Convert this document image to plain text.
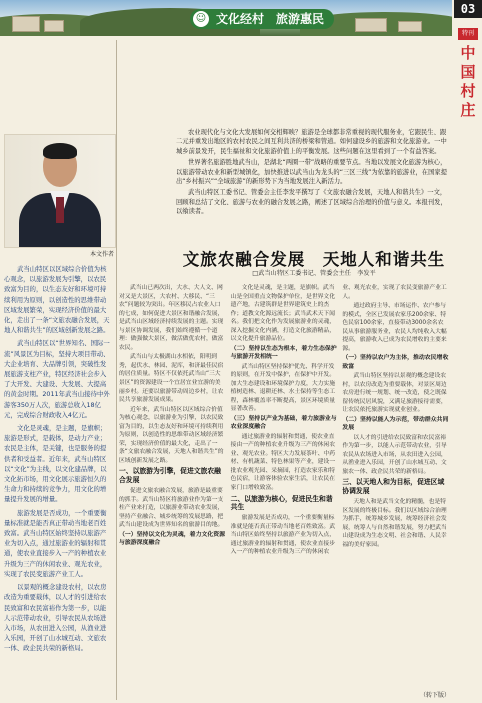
☺ 文化经村　旅游惠民
03
特刊
中国村庄
本文作者

武当山特区以区域综合价值为核心观念，以旅游发展为引擎，以农民致富为目的，以生态友好和环境可持续利用为原则，以创造性的思维带动区域发展繁荣，实现经济价值的最大化，走出了一条“文旅农融合发展，天地人和谐共生”的区域创新发展之路。

武当山特区以“世界知名、国际一流”风景区为目标，坚持大项目带动、大企业培育、大品牌引领，突破性发展旅游支柱产业，特区经济社会步入了大开发、大建设、大发展、大提高的黄金时期。2011年武当山接待中外游客350万人次，旅游总收入18亿元，完成综合财政收入4亿元。

文化是灵魂，是主题，是旗帜；旅游是形式，是载体，是动力产业；农民是主体，是关键，也是服务的提供者和受益者。近年来，武当山特区以“文化”为主线，以文化建品牌，以文化拓市场，用文化展示旅游恒久的生命力和持续的竞争力，用文化的增量提升发展的增量。

旅游发展是否成功，一个重要衡量标准就是能否真正带动当地老百姓致富。武当山特区始终坚持以旅游产业为切入点，通过旅游业的辐射和贯通，使农业直接步入一产的种植农业升级为三产的休闲农业、观光农业，实现了农民变旅游产业工人。

以景观的概念建设农村，以农房改造为重要载体，以人才的引进给农民致富和农民富裕作为第一步，以能人示范带动农业，引导农民从农场进入市场，从农田进入公园，从渔业进入乐园，开创了山水城互动、文旅农一体、政企民共荣的新格局。

农业现代化与文化大发展如何交相辉映？旅游是全球都非常重视的现代服务业，它跟民生、跟二元并重发出地区的农村农民之间互利共济的桥梁和管道。如何建设乡的旅游和文化旅游业。一中城乡前景发开，民生福祉和文化旅游价值上的平衡发展。这些问题在这里看到了一个有益答案。

世界著名旅游胜地武当山，是湖北“两圈一带”战略的重要节点。当地以发展文化旅游为核心，以旅游带动农业和新型城镇化，加快推进以武当山为龙头的“三区三线”为依靠的旅游业，在国家提出“乡村振兴”“全域旅游”的新形势下为当地发展注入新活力。

武当山特区工委书记、管委会主任李发平撰写了《文旅农融合发展，天地人和谐共生》一文，回顾和总结了文化、旅游与农业的融合发展之路，阐述了区域综合治理的价值与意义。本报刊发，以飨读者。

文旅农融合发展　天地人和谐共生
□武当山特区工委书记、管委会主任　李发平

武当山已两次出，大水、大人文、网对又是大景区，大农村、大移民、“三农”问题较为突出。年区移民占农业人口的七成，如何促进大景区和谐融合发展，是武当山区域经济持续发展的主题。实现与景区协调发展，我们始终遵循一个道理：做强做大景区，做活做优农村，做富农民。

武当山与太极湖山水相依，阳明到秀，起伏水、林园、泥库，和济最佳民宿的居住质量。特区不仅依托武当山“三大景区”的资源建设一个宜居宜业宜游的美丽乡村。还要以旅游带动周边乡村，让农民共享旅游发展成果。

近年来，武当山特区以区域综合价值为核心观念，以旅游业为引擎，以农民致富为目的，以生态友好和环境可持续利用为原则，以创造性的思维带动区域经济繁荣，实现经济价值的最大化，走出了一条“文旅农融合发展，天地人和谐共生”的区域创新发展之路。

一、以旅游为引擎，促进文旅农融合发展

促进文旅农融合发展，旅游是最重要的抓手。武当山特区将旅游业作为第一支柱产业来打造，以旅游业带动农业发展，坚持产业融合、城乡统筹的发展思路，把武当山建设成为世界知名的旅游目的地。

（一）坚持以文化为灵魂，着力文化资源与旅游深度融合

文化是灵魂，是主题，是旗帜。武当山是全国重点文物保护单位，是世界文化遗产地，古建筑群是世界建筑史上的杰作；道教文化源远流长；武当武术天下闻名。我们把文化作为发展旅游业的灵魂，深入挖掘文化内涵，打造文化旅游精品，以文化提升旅游品位。

（二）坚持以生态为根本，着力生态保护与旅游开发相统一

武当山特区坚持保护优先、科学开发的原则，在开发中保护，在保护中开发。加大生态建设和环境保护力度，大力实施植树造林、退耕还林、水土保持等生态工程，森林覆盖率不断提高，景区环境质量显著改善。

（三）坚持以产业为基础，着力旅游业与农业深度融合

通过旅游业的辐射和贯通，使农业直接由一产的种植农业升级为三产的休闲农业、观光农业。特区大力发展茶叶、中药材、有机蔬菜、特色林果等产业，建设一批农业观光园、采摘园，打造农家乐和特色民宿，让游客体验农家生活，让农民在家门口增收致富。

二、以旅游为核心，促进民生和谐共生

旅游发展是否成功，一个重要衡量标准就是能否真正带动当地老百姓致富。武当山特区始终坚持以旅游产业为切入点，通过旅游业的辐射和贯通，使农业直接步入一产的种植农业升级为三产的休闲农业、观光农业，实现了农民变旅游产业工人。

通过政府主导、市场运作、农户参与的模式，全区已发展农家乐200余家、特色民宿100余家，直接带动3000余名农民从事旅游服务业，农民人均纯收入大幅提高，旅游收入已成为农民增收的主要来源。

（一）坚持以农户为主体，推动农民增收致富

武当山特区坚持以景观的概念建设农村，以农房改造为重要载体，对景区周边农房进行统一规划、统一改造，使之既保留传统民居风貌，又满足旅游接待需要，让农民依托旅游实现就业创业。

（二）坚持以能人为示范，带动群众共同发展

以人才的引进给农民致富和农民富裕作为第一步，以能人示范带动农业，引导农民从农场进入市场，从农田进入公园，从渔业进入乐园，开创了山水城互动、文旅农一体、政企民共荣的新格局。

三、以天地人和为目标，促进区域协调发展

天地人和是武当文化的精髓，也是特区发展的终极目标。我们以区域综合治理为抓手，统筹城乡发展，统筹经济社会发展，统筹人与自然和谐发展，努力把武当山建设成为生态文明、社会和谐、人民幸福的美好家园。

（转下版）
